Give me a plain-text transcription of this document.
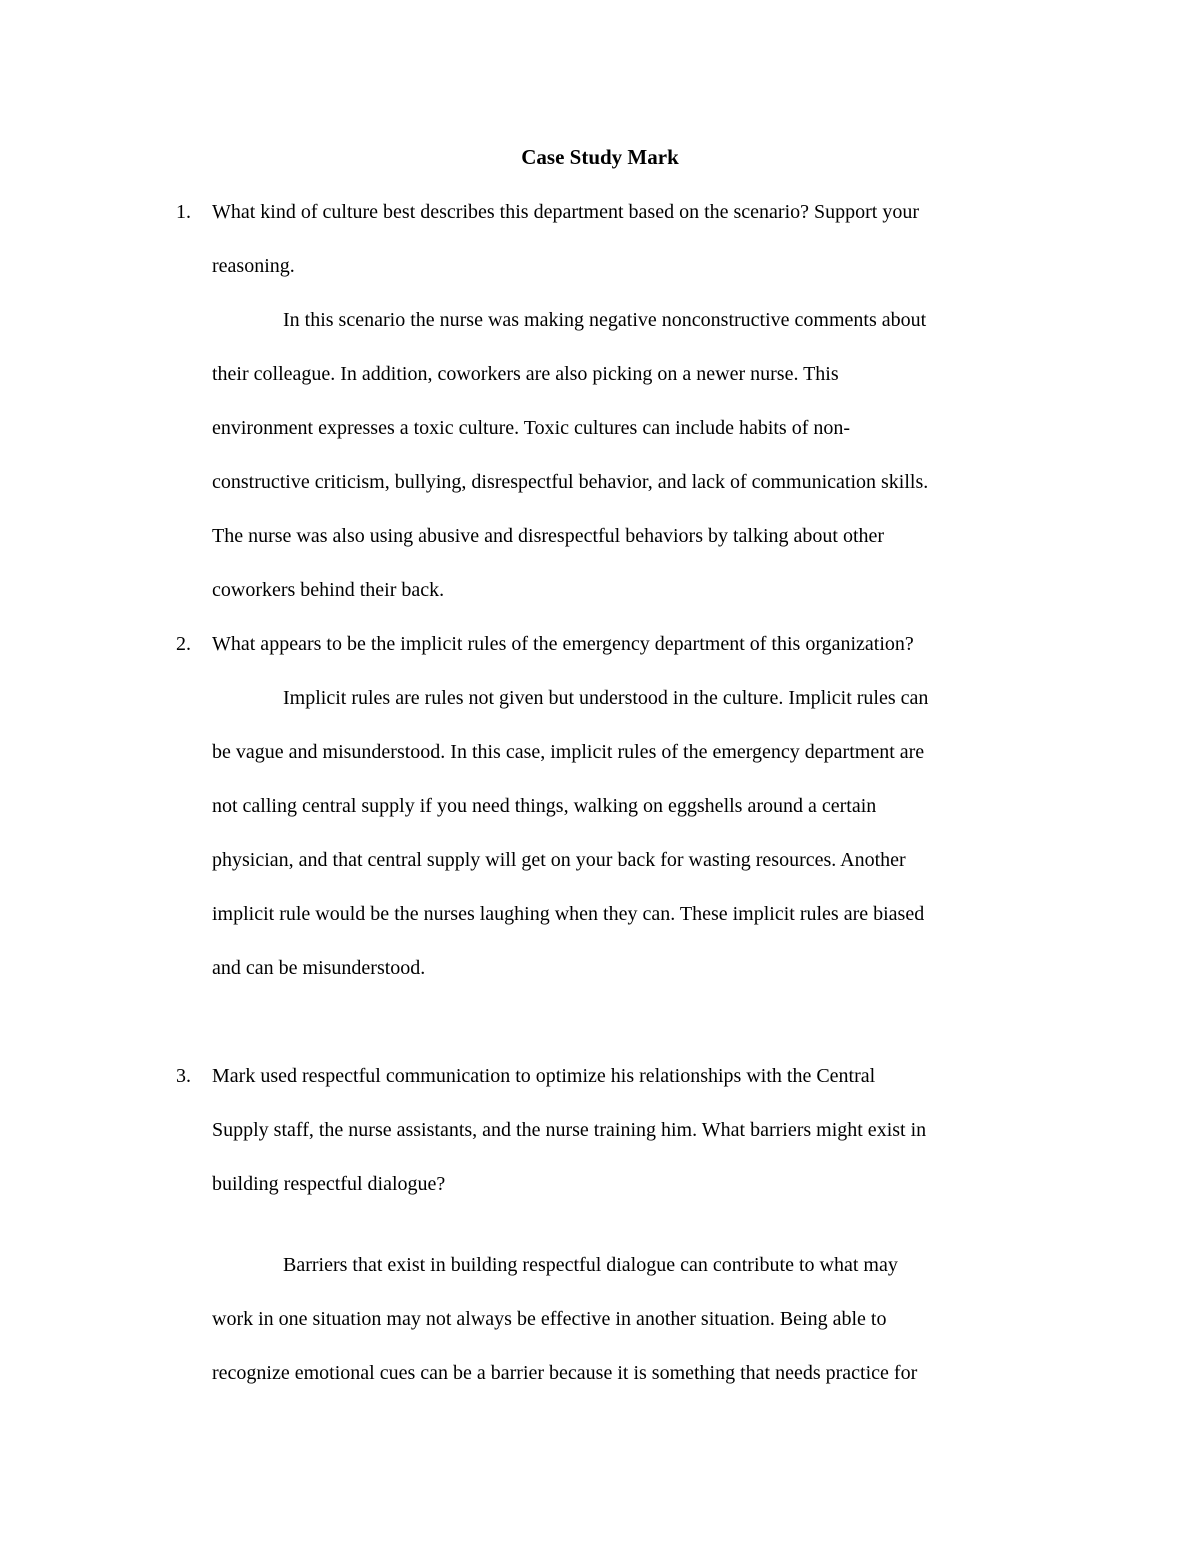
Case Study Mark
1. What kind of culture best describes this department based on the scenario? Support your
reasoning.
In this scenario the nurse was making negative nonconstructive comments about
their colleague. In addition, coworkers are also picking on a newer nurse. This
environment expresses a toxic culture. Toxic cultures can include habits of non-
constructive criticism, bullying, disrespectful behavior, and lack of communication skills.
The nurse was also using abusive and disrespectful behaviors by talking about other
coworkers behind their back.
2. What appears to be the implicit rules of the emergency department of this organization?
Implicit rules are rules not given but understood in the culture. Implicit rules can
be vague and misunderstood. In this case, implicit rules of the emergency department are
not calling central supply if you need things, walking on eggshells around a certain
physician, and that central supply will get on your back for wasting resources. Another
implicit rule would be the nurses laughing when they can. These implicit rules are biased
and can be misunderstood.
3. Mark used respectful communication to optimize his relationships with the Central
Supply staff, the nurse assistants, and the nurse training him. What barriers might exist in
building respectful dialogue?
Barriers that exist in building respectful dialogue can contribute to what may
work in one situation may not always be effective in another situation. Being able to
recognize emotional cues can be a barrier because it is something that needs practice for
